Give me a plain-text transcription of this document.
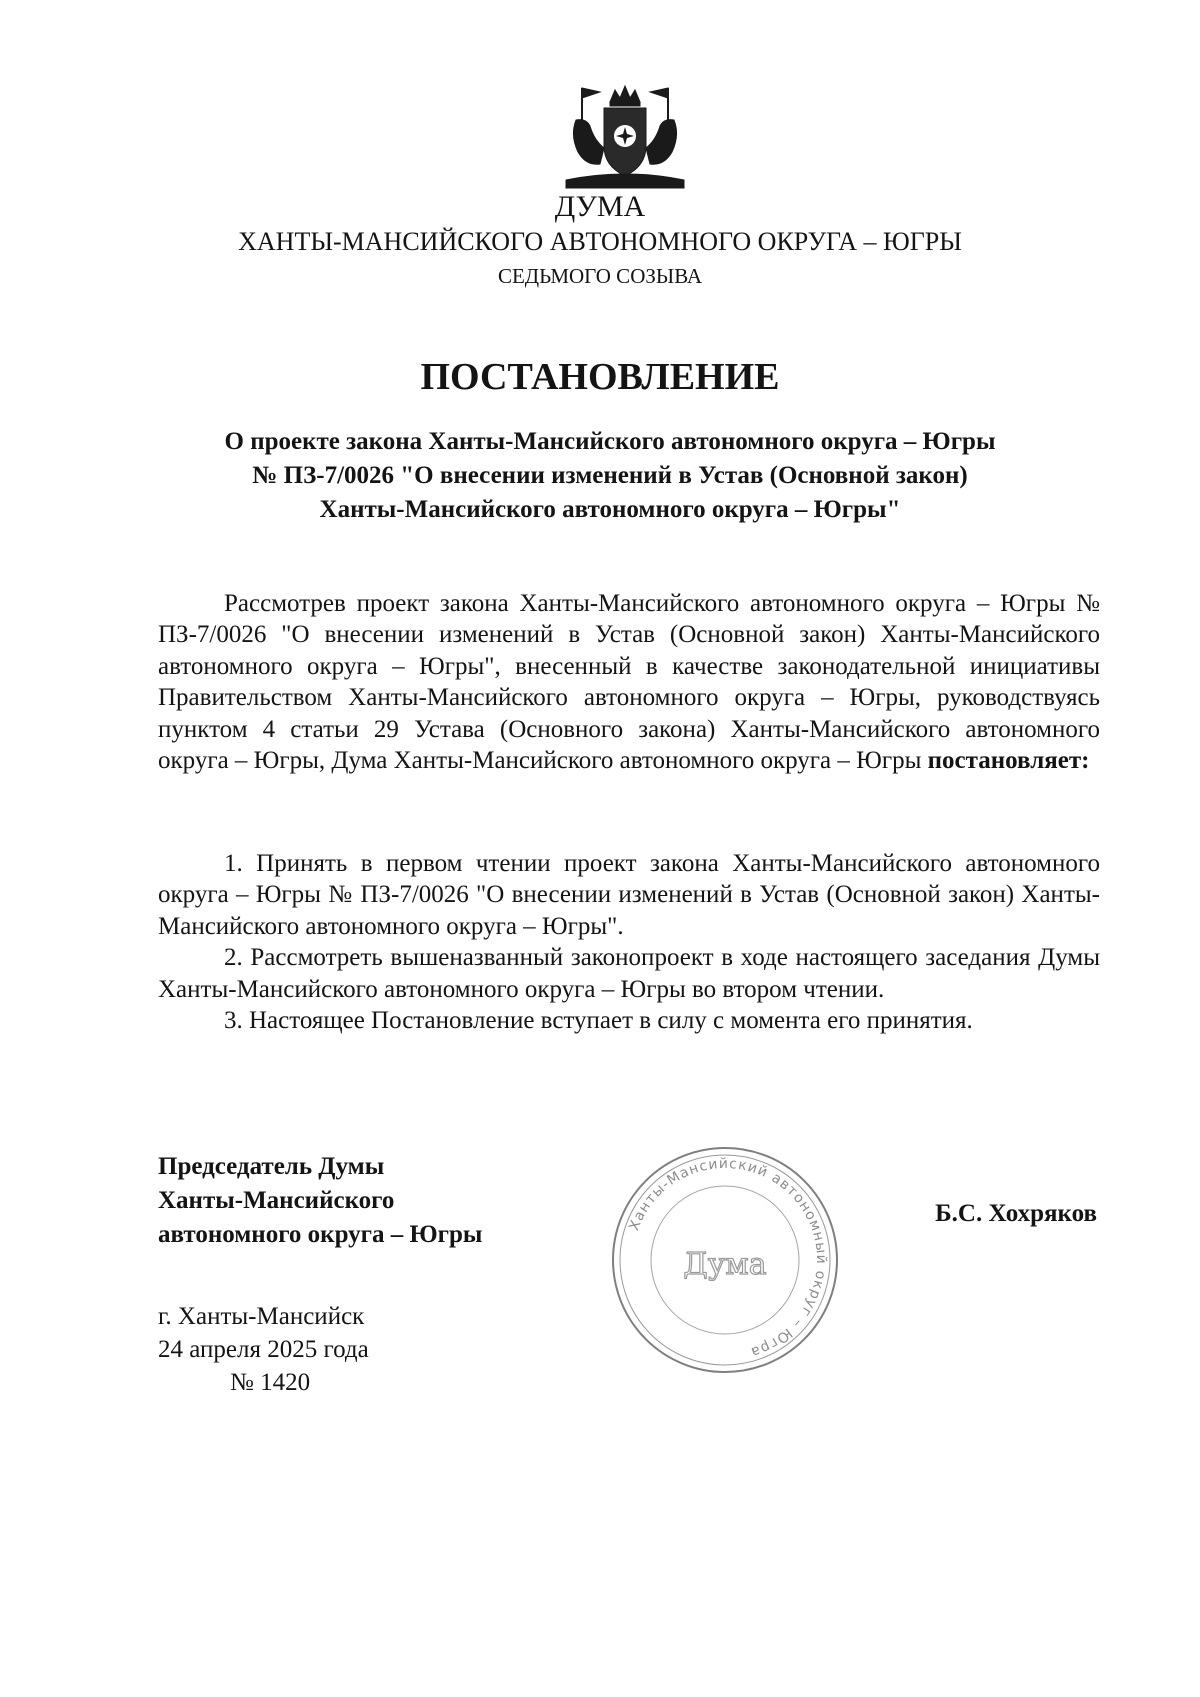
ДУМА
ХАНТЫ-МАНСИЙСКОГО АВТОНОМНОГО ОКРУГА – ЮГРЫ
СЕДЬМОГО СОЗЫВА
ПОСТАНОВЛЕНИЕ
О проекте закона Ханты-Мансийского автономного округа – Югры
№ ПЗ-7/0026 "О внесении изменений в Устав (Основной закон)
Ханты-Мансийского автономного округа – Югры"

Рассмотрев проект закона Ханты-Мансийского автономного округа – Югры № ПЗ-7/0026 "О внесении изменений в Устав (Основной закон) Ханты-Мансийского автономного округа – Югры", внесенный в качестве законодательной инициативы Правительством Ханты-Мансийского автономного округа – Югры, руководствуясь пунктом 4 статьи 29 Устава (Основного закона) Ханты-Мансийского автономного округа – Югры, Дума Ханты-Мансийского автономного округа – Югры постановляет:

1. Принять в первом чтении проект закона Ханты-Мансийского автономного округа – Югры № ПЗ-7/0026 "О внесении изменений в Устав (Основной закон) Ханты-Мансийского автономного округа – Югры".

2. Рассмотреть вышеназванный законопроект в ходе настоящего заседания Думы Ханты-Мансийского автономного округа – Югры во втором чтении.

3. Настоящее Постановление вступает в силу с момента его принятия.

Председатель Думы
Ханты-Мансийского
автономного округа – Югры	Ханты-Мансийский автономный округ – Югра
Дума
Б.С. Хохряков
г. Ханты-Мансийск
24 апреля 2025 года
№ 1420
